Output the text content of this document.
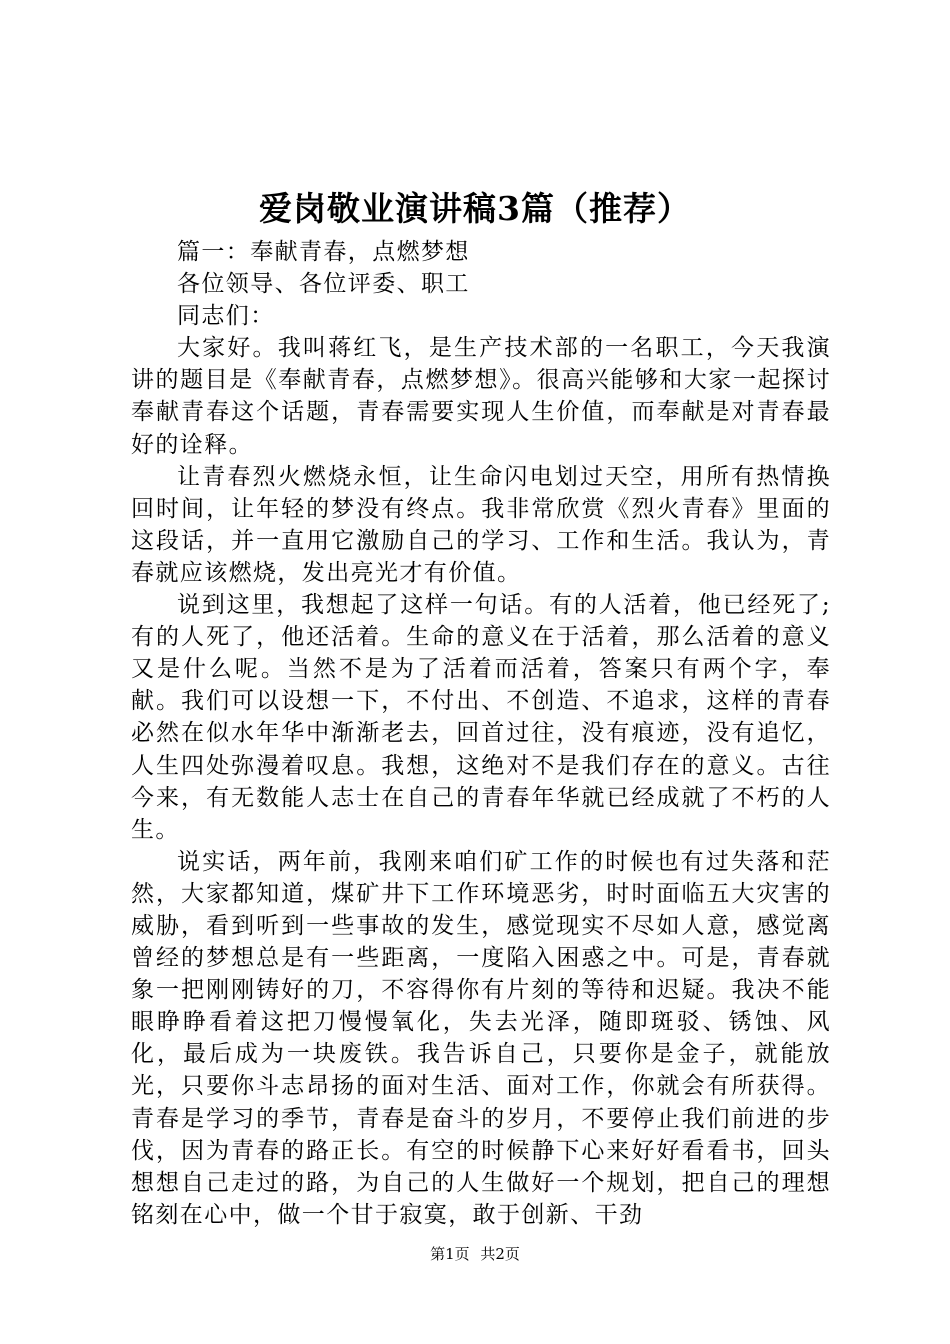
爱岗敬业演讲稿3篇（推荐）

篇一：奉献青春，点燃梦想

各位领导、各位评委、职工

同志们：

大家好。我叫蒋红飞，是生产技术部的一名职工，今天我演讲的题目是《奉献青春，点燃梦想》。很高兴能够和大家一起探讨奉献青春这个话题，青春需要实现人生价值，而奉献是对青春最好的诠释。

让青春烈火燃烧永恒，让生命闪电划过天空，用所有热情换回时间，让年轻的梦没有终点。我非常欣赏《烈火青春》里面的这段话，并一直用它激励自己的学习、工作和生活。我认为，青春就应该燃烧，发出亮光才有价值。

说到这里，我想起了这样一句话。有的人活着，他已经死了;有的人死了，他还活着。生命的意义在于活着，那么活着的意义又是什么呢。当然不是为了活着而活着，答案只有两个字，奉献。我们可以设想一下，不付出、不创造、不追求，这样的青春必然在似水年华中渐渐老去，回首过往，没有痕迹，没有追忆，人生四处弥漫着叹息。我想，这绝对不是我们存在的意义。古往今来，有无数能人志士在自己的青春年华就已经成就了不朽的人生。

说实话，两年前，我刚来咱们矿工作的时候也有过失落和茫然，大家都知道，煤矿井下工作环境恶劣，时时面临五大灾害的威胁，看到听到一些事故的发生，感觉现实不尽如人意，感觉离曾经的梦想总是有一些距离，一度陷入困惑之中。可是，青春就象一把刚刚铸好的刀，不容得你有片刻的等待和迟疑。我决不能眼睁睁看着这把刀慢慢氧化，失去光泽，随即斑驳、锈蚀、风化，最后成为一块废铁。我告诉自己，只要你是金子，就能放光，只要你斗志昂扬的面对生活、面对工作，你就会有所获得。青春是学习的季节，青春是奋斗的岁月，不要停止我们前进的步伐，因为青春的路正长。有空的时候静下心来好好看看书，回头想想自己走过的路，为自己的人生做好一个规划，把自己的理想铭刻在心中，做一个甘于寂寞，敢于创新、干劲

第1页 共2页
